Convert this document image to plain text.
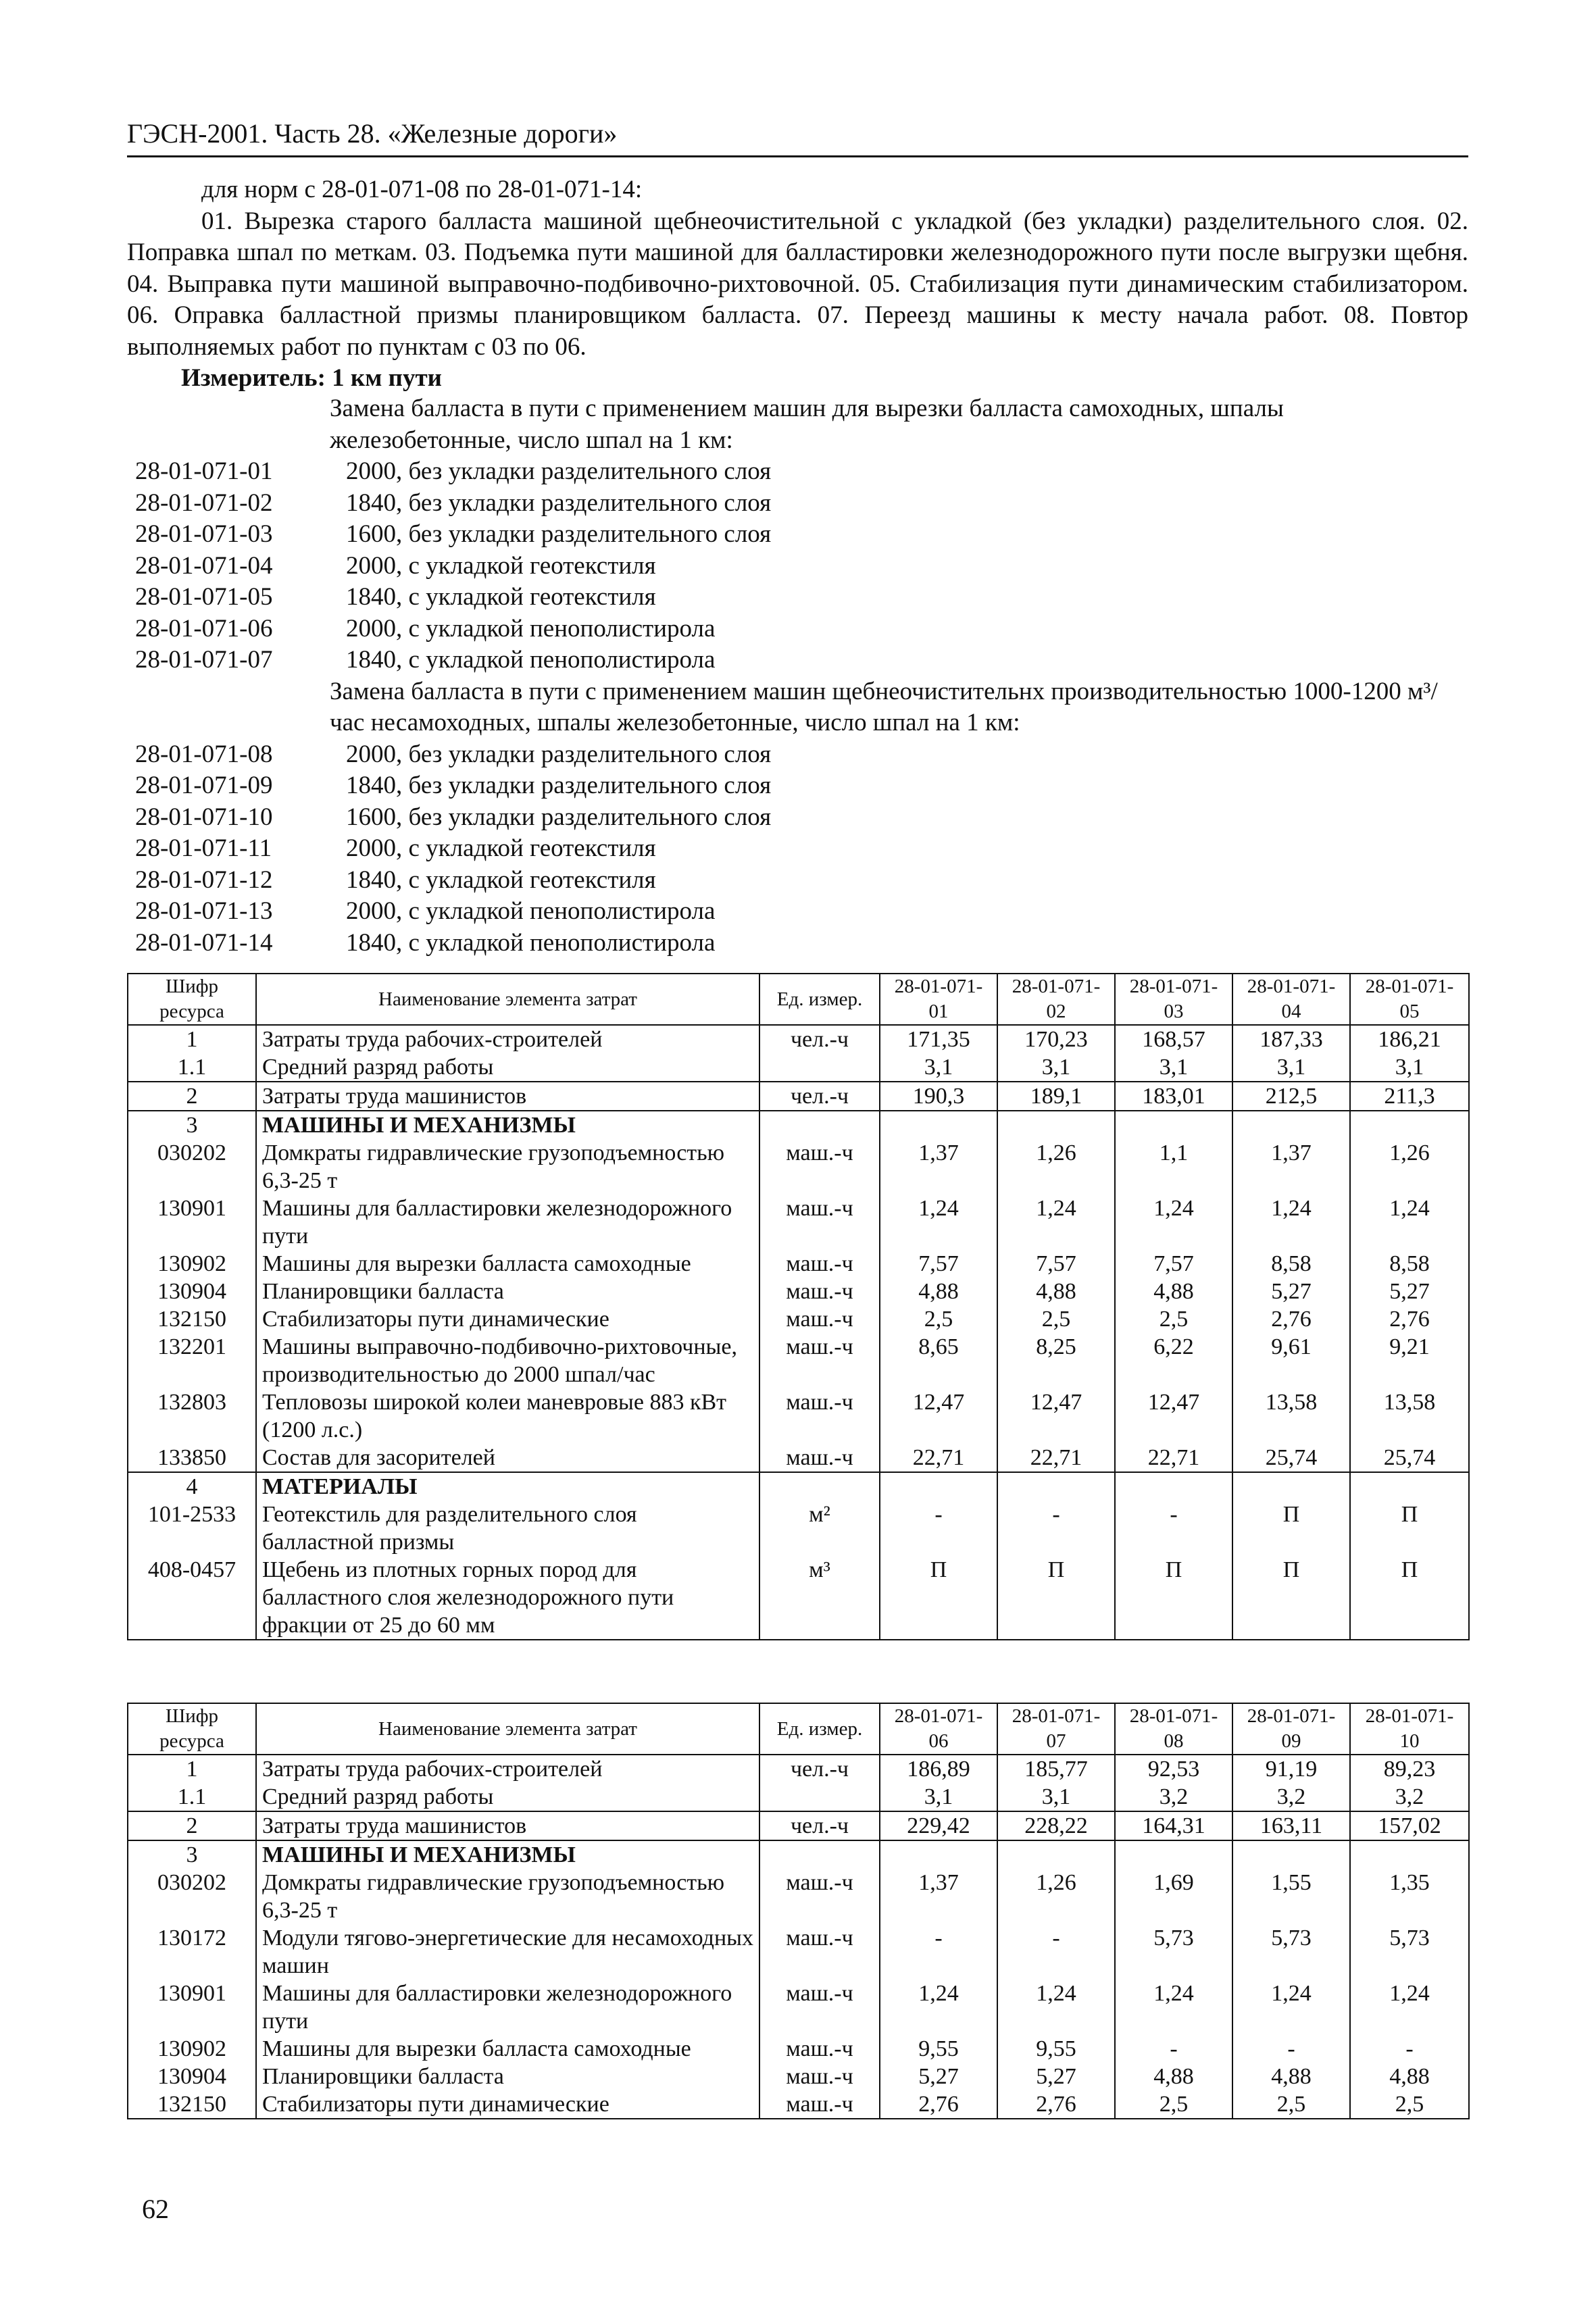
ГЭСН-2001. Часть 28. «Железные дороги»
для норм с 28-01-071-08 по 28-01-071-14:
01. Вырезка старого балласта машиной щебнеочистительной с укладкой (без укладки) разделительного слоя. 02. Поправка шпал по меткам. 03. Подъемка пути машиной для балластировки железнодорожного пути после выгрузки щебня. 04. Выправка пути машиной выправочно-подбивочно-рихтовочной. 05. Стабилизация пути динамическим стабилизатором. 06. Оправка балластной призмы планировщиком балласта. 07. Переезд машины к месту начала работ. 08. Повтор выполняемых работ по пунктам с 03 по 06.
Измеритель: 1 км пути
Замена балласта в пути с применением машин для вырезки балласта самоходных, шпалы железобетонные, число шпал на 1 км:
28-01-071-01	2000, без укладки разделительного слоя
28-01-071-02	1840, без укладки разделительного слоя
28-01-071-03	1600, без укладки разделительного слоя
28-01-071-04	2000, с укладкой геотекстиля
28-01-071-05	1840, с укладкой геотекстиля
28-01-071-06	2000, с укладкой пенополистирола
28-01-071-07	1840, с укладкой пенополистирола
Замена балласта в пути с применением машин щебнеочистительнх производительностью 1000-1200 м³/час несамоходных, шпалы железобетонные, число шпал на 1 км:
28-01-071-08	2000, без укладки разделительного слоя
28-01-071-09	1840, без укладки разделительного слоя
28-01-071-10	1600, без укладки разделительного слоя
28-01-071-11	2000, с укладкой геотекстиля
28-01-071-12	1840, с укладкой геотекстиля
28-01-071-13	2000, с укладкой пенополистирола
28-01-071-14	1840, с укладкой пенополистирола
Шифр ресурса	Наименование элемента затрат	Ед. измер.	28-01-071-01	28-01-071-02	28-01-071-03	28-01-071-04	28-01-071-05
1	Затраты труда рабочих-строителей	чел.-ч	171,35	170,23	168,57	187,33	186,21
1.1	Средний разряд работы		3,1	3,1	3,1	3,1	3,1
2	Затраты труда машинистов	чел.-ч	190,3	189,1	183,01	212,5	211,3
3	МАШИНЫ И МЕХАНИЗМЫ						
030202	Домкраты гидравлические грузоподъемностью 6,3-25 т	маш.-ч	1,37	1,26	1,1	1,37	1,26
130901	Машины для балластировки железнодорожного пути	маш.-ч	1,24	1,24	1,24	1,24	1,24
130902	Машины для вырезки балласта самоходные	маш.-ч	7,57	7,57	7,57	8,58	8,58
130904	Планировщики балласта	маш.-ч	4,88	4,88	4,88	5,27	5,27
132150	Стабилизаторы пути динамические	маш.-ч	2,5	2,5	2,5	2,76	2,76
132201	Машины выправочно-подбивочно-рихтовочные, производительностью до 2000 шпал/час	маш.-ч	8,65	8,25	6,22	9,61	9,21
132803	Тепловозы широкой колеи маневровые 883 кВт (1200 л.с.)	маш.-ч	12,47	12,47	12,47	13,58	13,58
133850	Состав для засорителей	маш.-ч	22,71	22,71	22,71	25,74	25,74
4	МАТЕРИАЛЫ						
101-2533	Геотекстиль для разделительного слоя балластной призмы	м²	-	-	-	П	П
408-0457	Щебень из плотных горных пород для балластного слоя железнодорожного пути фракции от 25 до 60 мм	м³	П	П	П	П	П
Шифр ресурса	Наименование элемента затрат	Ед. измер.	28-01-071-06	28-01-071-07	28-01-071-08	28-01-071-09	28-01-071-10
1	Затраты труда рабочих-строителей	чел.-ч	186,89	185,77	92,53	91,19	89,23
1.1	Средний разряд работы		3,1	3,1	3,2	3,2	3,2
2	Затраты труда машинистов	чел.-ч	229,42	228,22	164,31	163,11	157,02
3	МАШИНЫ И МЕХАНИЗМЫ						
030202	Домкраты гидравлические грузоподъемностью 6,3-25 т	маш.-ч	1,37	1,26	1,69	1,55	1,35
130172	Модули тягово-энергетические для несамоходных машин	маш.-ч	-	-	5,73	5,73	5,73
130901	Машины для балластировки железнодорожного пути	маш.-ч	1,24	1,24	1,24	1,24	1,24
130902	Машины для вырезки балласта самоходные	маш.-ч	9,55	9,55	-	-	-
130904	Планировщики балласта	маш.-ч	5,27	5,27	4,88	4,88	4,88
132150	Стабилизаторы пути динамические	маш.-ч	2,76	2,76	2,5	2,5	2,5
62
